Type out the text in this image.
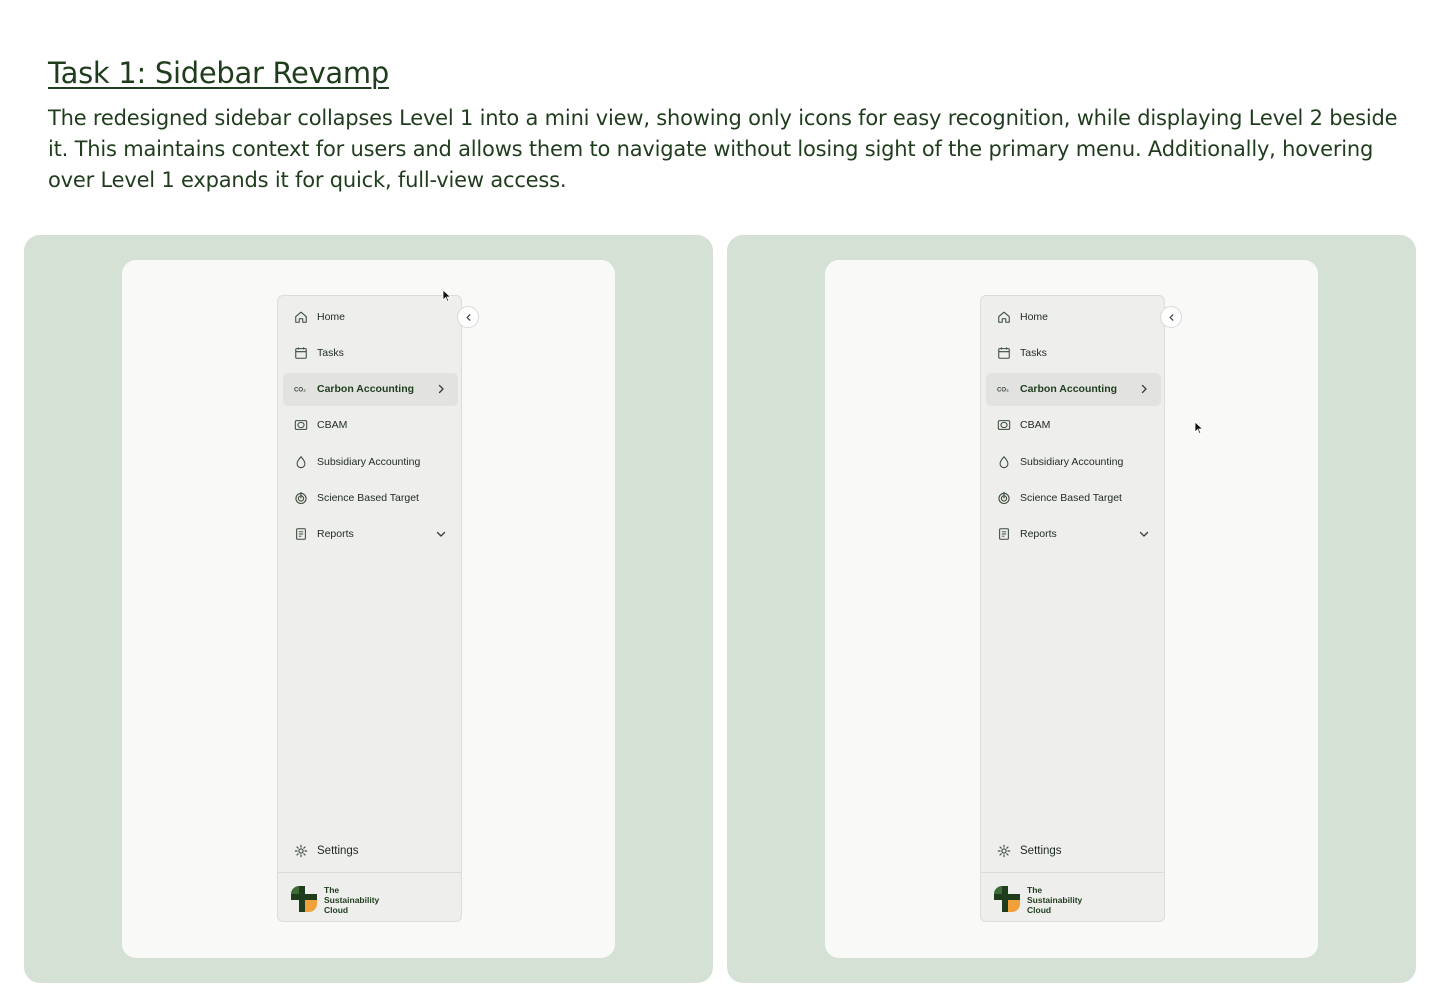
Task 1: Sidebar Revamp
The redesigned sidebar collapses Level 1 into a mini view, showing only icons for easy recognition, while displaying Level 2 beside it. This maintains context for users and allows them to navigate without losing sight of the primary menu. Additionally, hovering over Level 1 expands it for quick, full-view access.
Home
Tasks
CO₂ Carbon Accounting
CBAM
Subsidiary Accounting
Science Based Target
Reports
Settings
The Sustainability Cloud
Home
Tasks
CO₂ Carbon Accounting
CBAM
Subsidiary Accounting
Science Based Target
Reports
Settings
The Sustainability Cloud
